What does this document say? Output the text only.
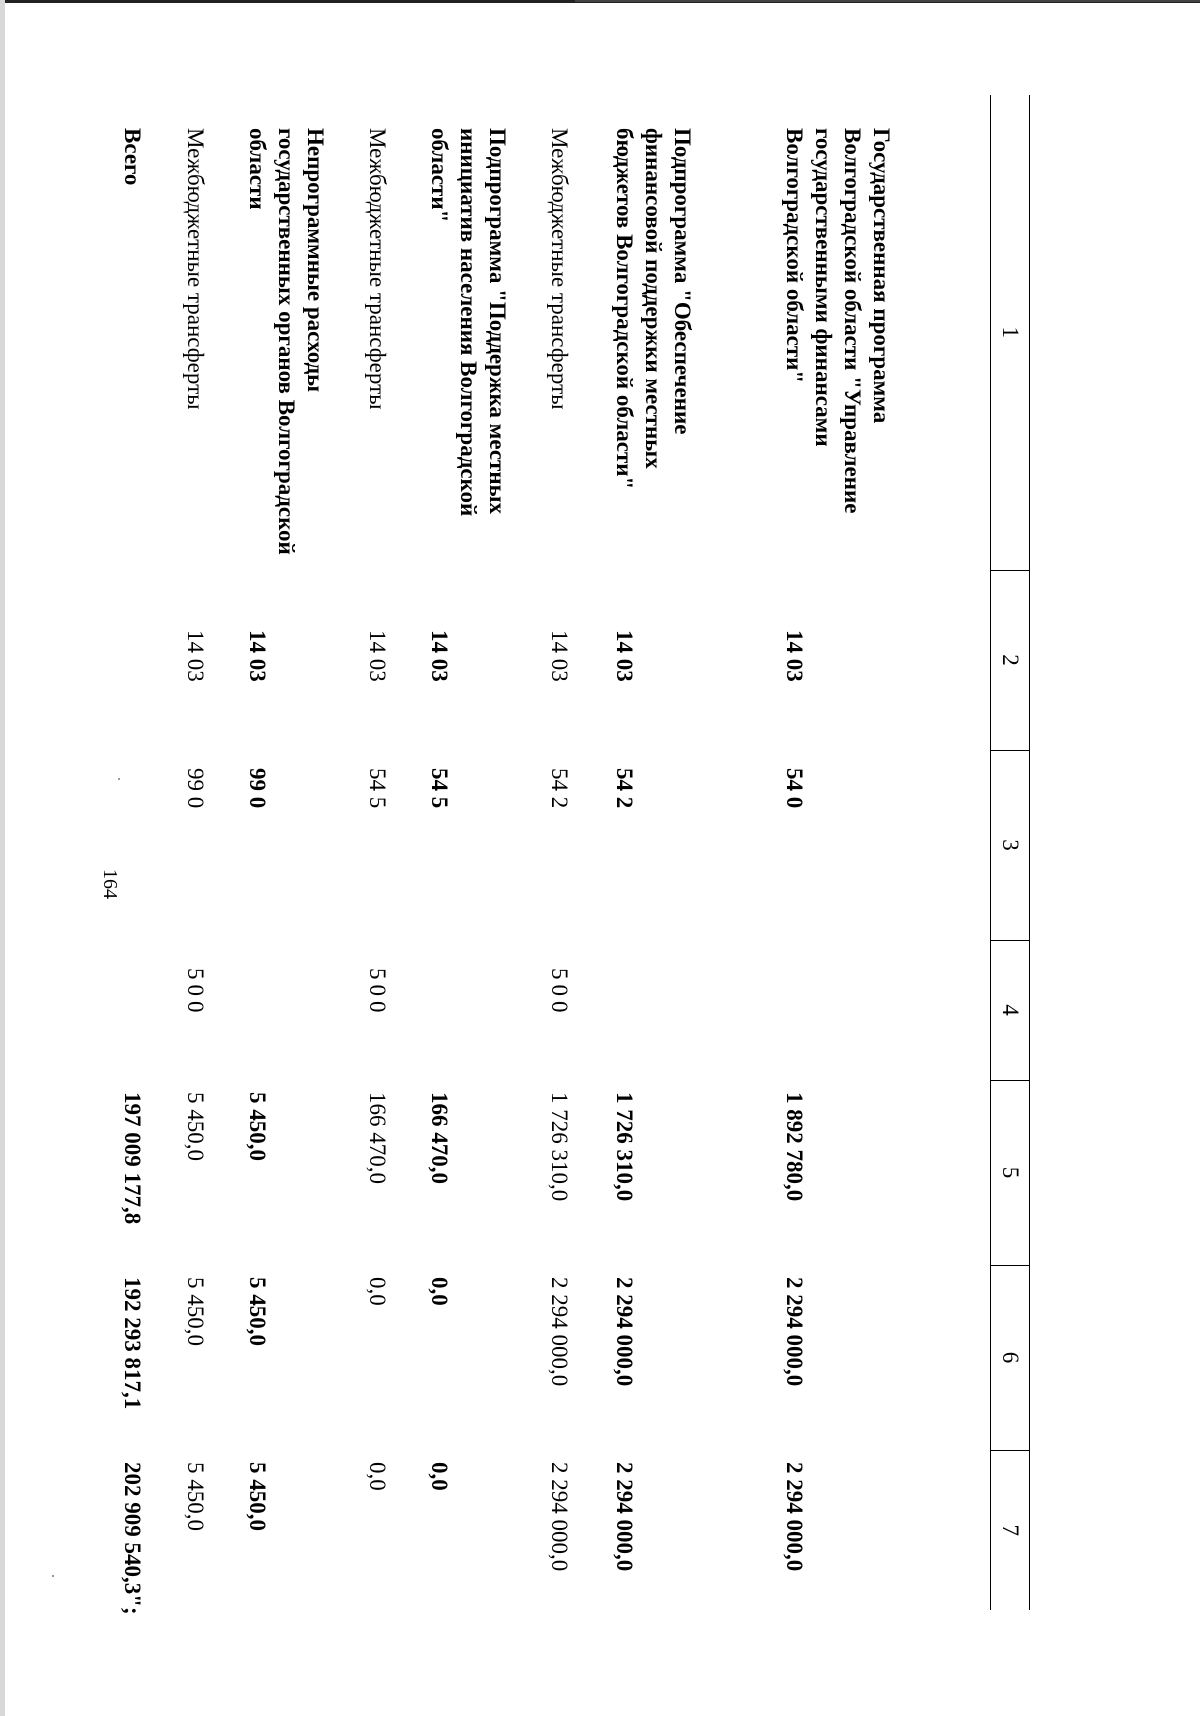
164
1	2	3	4	5	6	7
Государственная программа Волгоградской области "Управление государственными финансами Волгоградской области"	14 03	54 0		1 892 780,0	2 294 000,0	2 294 000,0
Подпрограмма "Обеспечение финансовой поддержки местных бюджетов Волгоградской области"	14 03	54 2		1 726 310,0	2 294 000,0	2 294 000,0
Межбюджетные трансферты	14 03	54 2	500	1 726 310,0	2 294 000,0	2 294 000,0
Подпрограмма "Поддержка местных инициатив населения Волгоградской области"	14 03	54 5		166 470,0	0,0	0,0
Межбюджетные трансферты	14 03	54 5	500	166 470,0	0,0	0,0
Непрограммные расходы государственных органов Волгоградской области	14 03	99 0		5 450,0	5 450,0	5 450,0
Межбюджетные трансферты	14 03	99 0	500	5 450,0	5 450,0	5 450,0
Всего				197 009 177,8	192 293 817,1	202 909 540,3";
